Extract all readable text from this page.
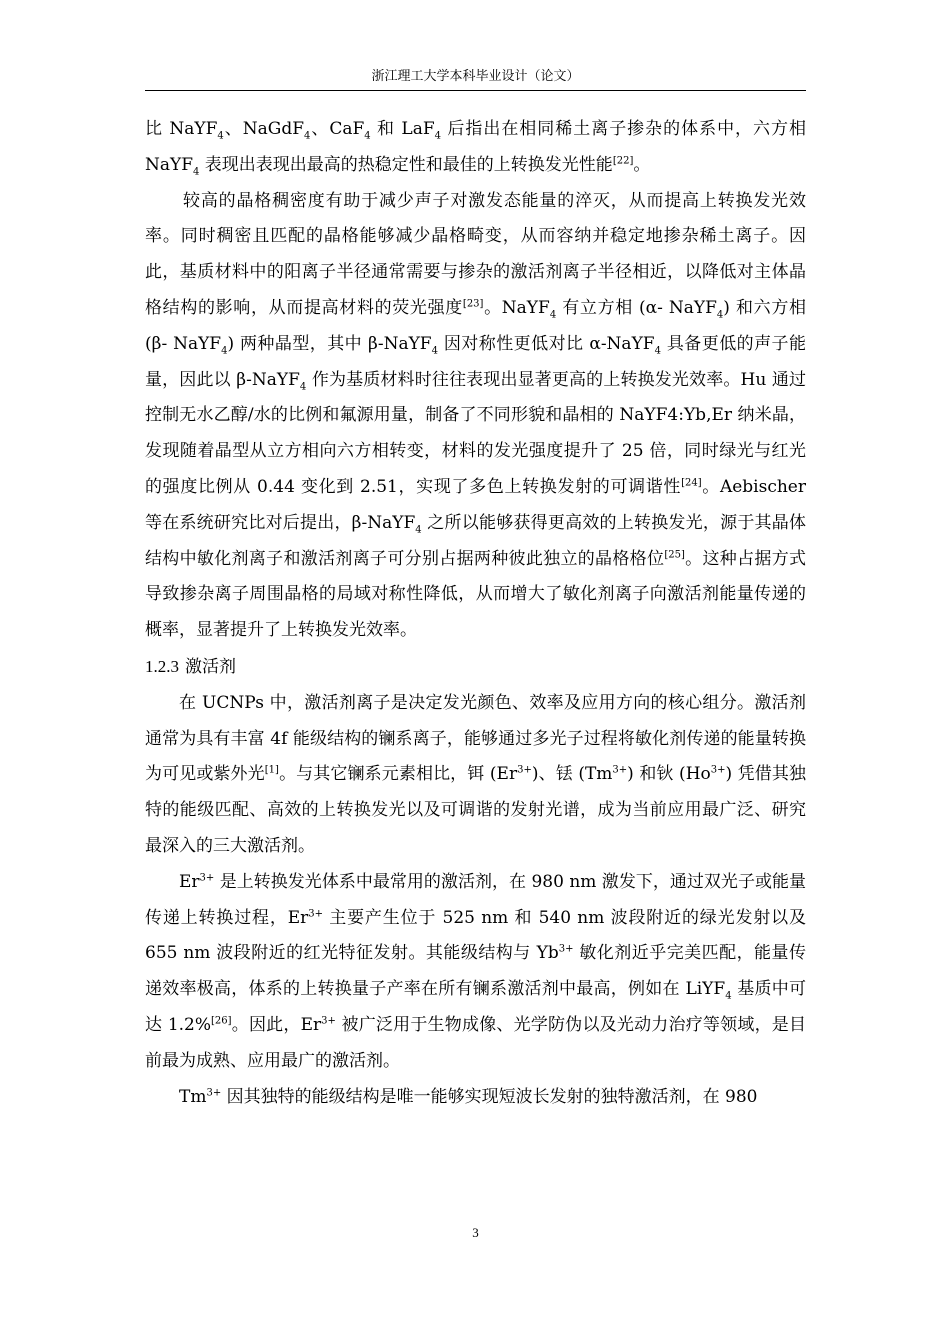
浙江理工大学本科毕业设计（论文）

比 NaYF$_4$、NaGdF$_4$、CaF$_4$ 和 LaF$_4$ 后指出在相同稀土离子掺杂的体系中，六方相 NaYF$_4$ 表现出表现出最高的热稳定性和最佳的上转换发光性能[22]。

较高的晶格稠密度有助于减少声子对激发态能量的淬灭，从而提高上转换发光效率。同时稠密且匹配的晶格能够减少晶格畸变，从而容纳并稳定地掺杂稀土离子。因此，基质材料中的阳离子半径通常需要与掺杂的激活剂离子半径相近，以降低对主体晶格结构的影响，从而提高材料的荧光强度[23]。NaYF$_4$ 有立方相 (α- NaYF$_4$) 和六方相 (β- NaYF$_4$) 两种晶型，其中 β-NaYF$_4$ 因对称性更低对比 α-NaYF$_4$ 具备更低的声子能量，因此以 β-NaYF$_4$ 作为基质材料时往往表现出显著更高的上转换发光效率。Hu 通过控制无水乙醇/水的比例和氟源用量，制备了不同形貌和晶相的 NaYF4:Yb,Er 纳米晶，发现随着晶型从立方相向六方相转变，材料的发光强度提升了 25 倍，同时绿光与红光的强度比例从 0.44 变化到 2.51，实现了多色上转换发射的可调谐性[24]。Aebischer 等在系统研究比对后提出，β-NaYF$_4$ 之所以能够获得更高效的上转换发光，源于其晶体结构中敏化剂离子和激活剂离子可分别占据两种彼此独立的晶格格位[25]。这种占据方式导致掺杂离子周围晶格的局域对称性降低，从而增大了敏化剂离子向激活剂能量传递的概率，显著提升了上转换发光效率。

1.2.3 激活剂

在 UCNPs 中，激活剂离子是决定发光颜色、效率及应用方向的核心组分。激活剂通常为具有丰富 4f 能级结构的镧系离子，能够通过多光子过程将敏化剂传递的能量转换为可见或紫外光[1]。与其它镧系元素相比，铒 $(Er^{3+})$、铥 $(Tm^{3+})$ 和钬 $(Ho^{3+})$ 凭借其独特的能级匹配、高效的上转换发光以及可调谐的发射光谱，成为当前应用最广泛、研究最深入的三大激活剂。

$Er^{3+}$ 是上转换发光体系中最常用的激活剂，在 980 nm 激发下，通过双光子或能量传递上转换过程，$Er^{3+}$ 主要产生位于 525 nm 和 540 nm 波段附近的绿光发射以及 655 nm 波段附近的红光特征发射。其能级结构与 $Yb^{3+}$ 敏化剂近乎完美匹配，能量传递效率极高，体系的上转换量子产率在所有镧系激活剂中最高，例如在 LiYF$_4$ 基质中可达 1.2%[26]。因此，$Er^{3+}$ 被广泛用于生物成像、光学防伪以及光动力治疗等领域，是目前最为成熟、应用最广的激活剂。

$Tm^{3+}$ 因其独特的能级结构是唯一能够实现短波长发射的独特激活剂，在 980

3
